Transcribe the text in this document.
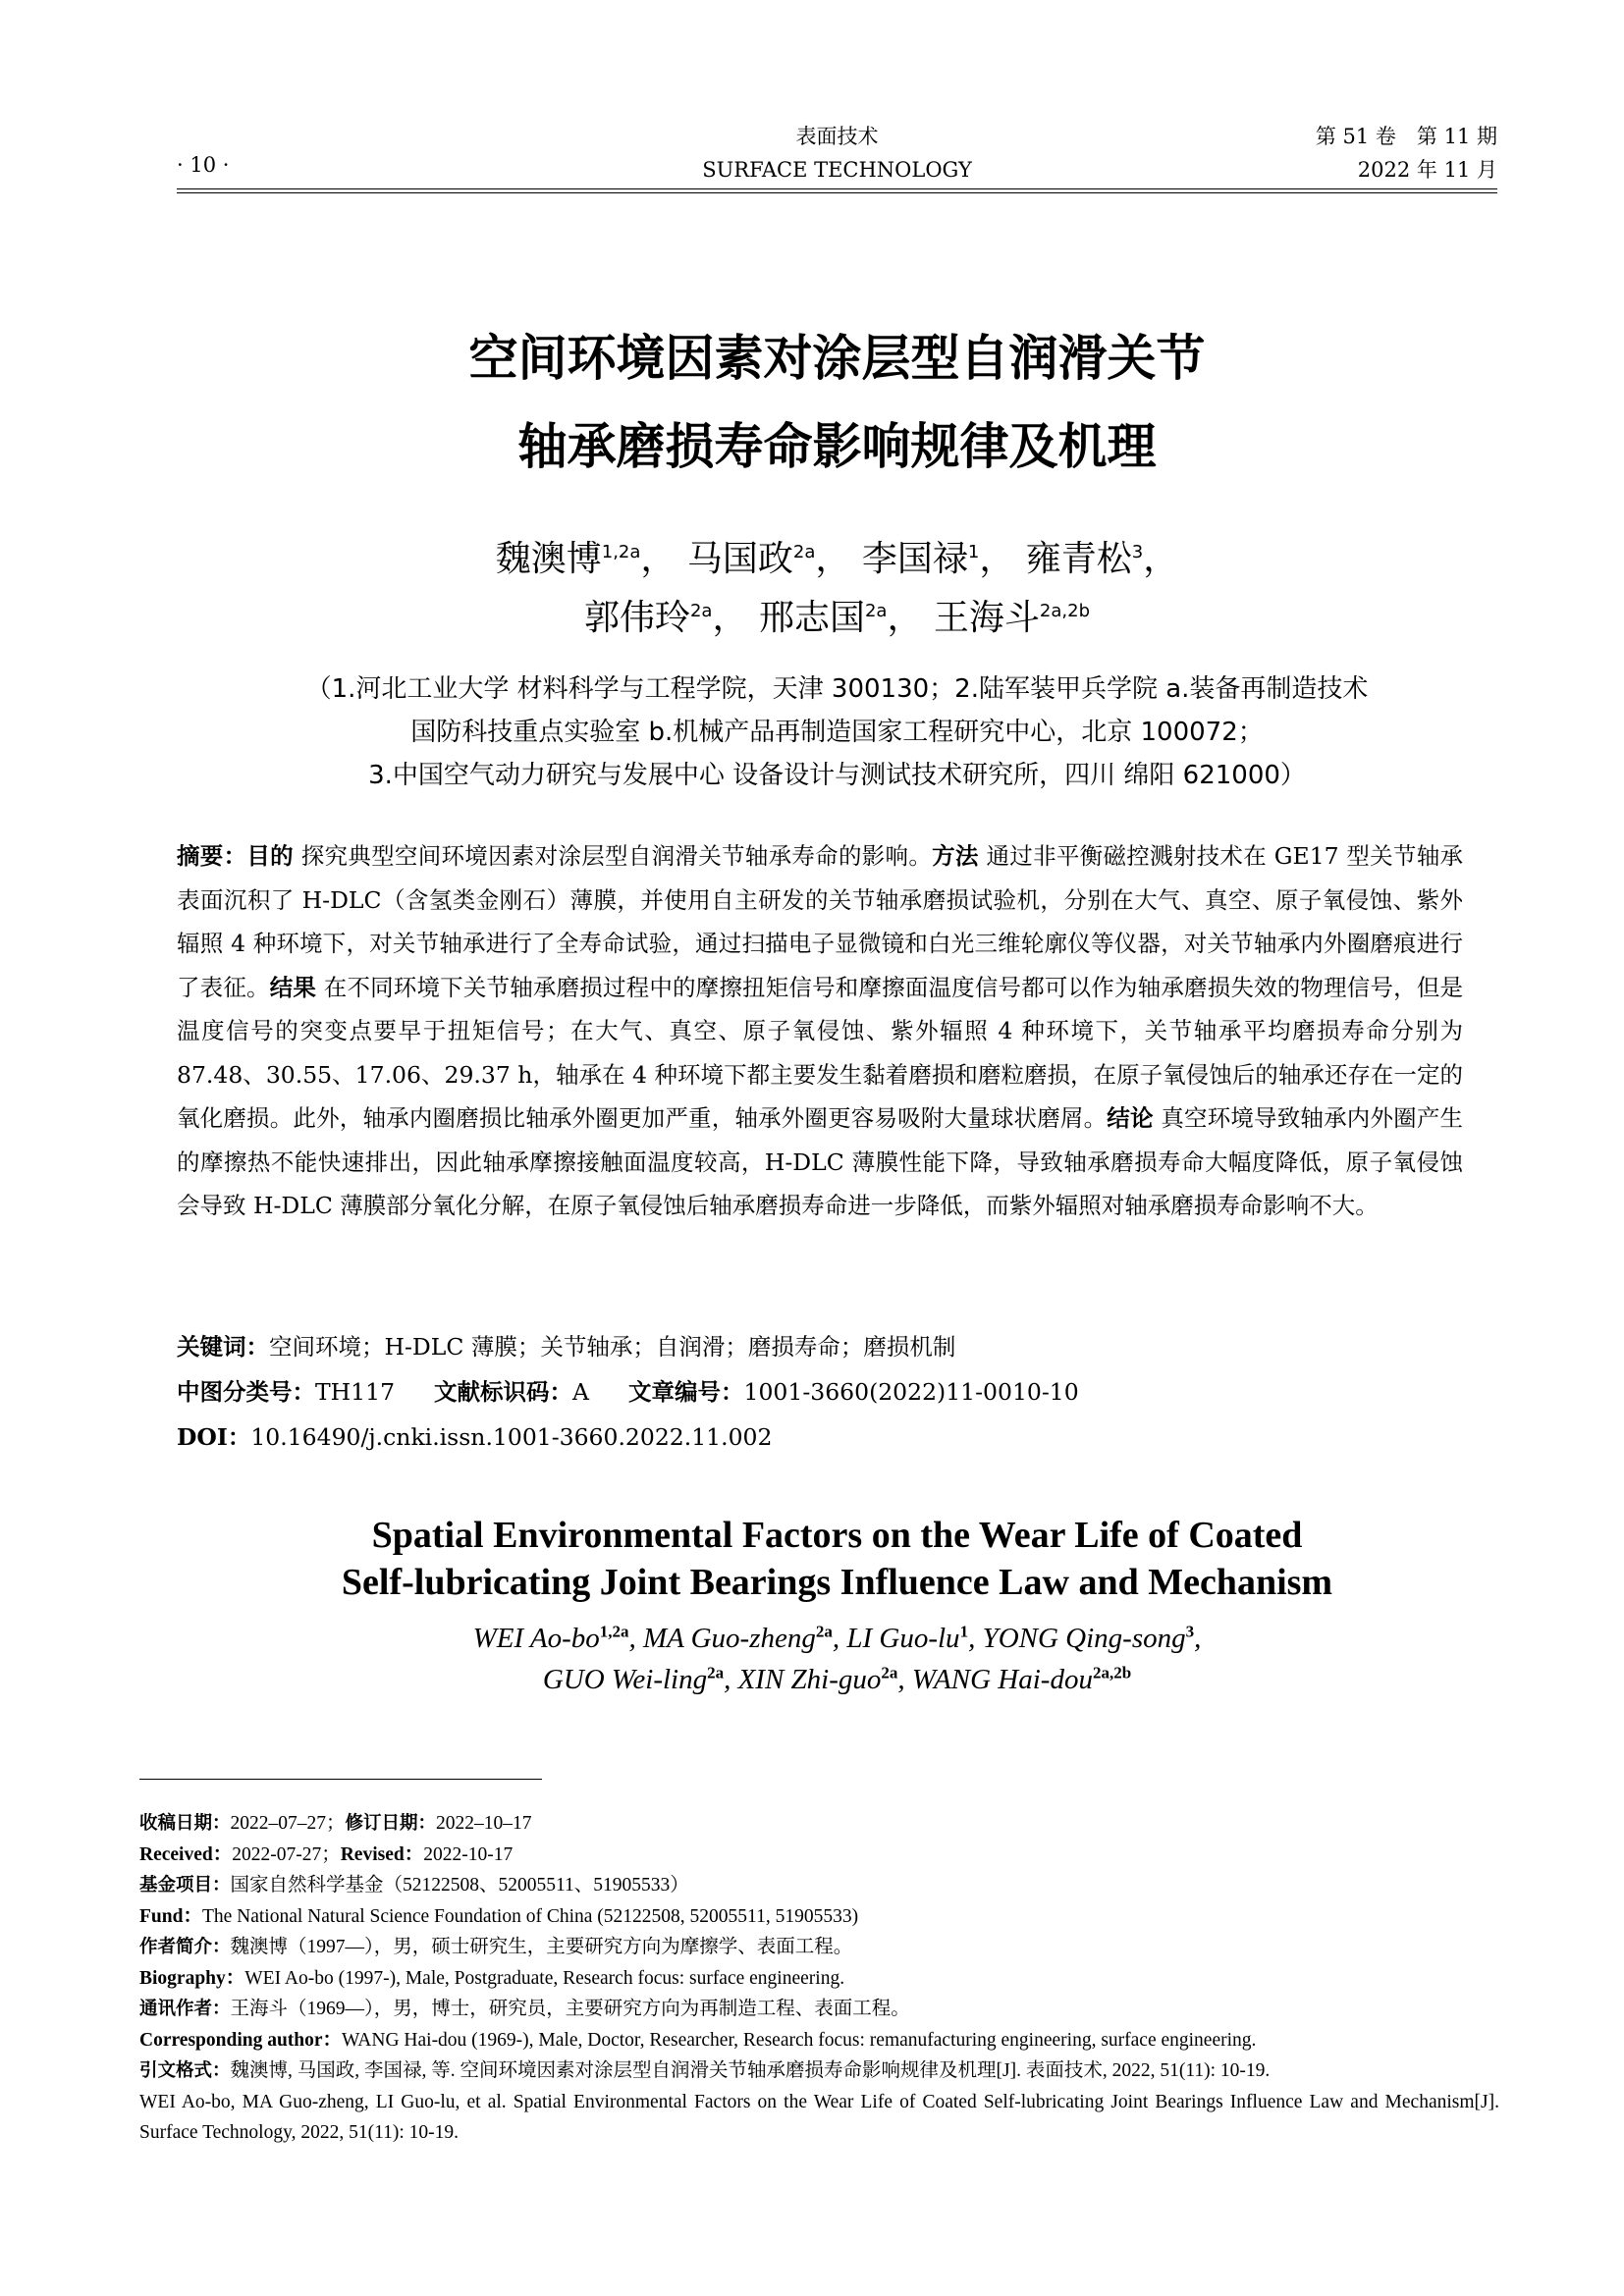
· 10 ·
表面技术
SURFACE TECHNOLOGY
第 51 卷　第 11 期
2022 年 11 月
空间环境因素对涂层型自润滑关节
轴承磨损寿命影响规律及机理
魏澳博$^{1,2a}$， 马国政$^{2a}$， 李国禄$^1$， 雍青松$^3$，
郭伟玲$^{2a}$， 邢志国$^{2a}$， 王海斗$^{2a,2b}$
（1.河北工业大学 材料科学与工程学院，天津 300130；2.陆军装甲兵学院 a.装备再制造技术
国防科技重点实验室 b.机械产品再制造国家工程研究中心，北京 100072；
3.中国空气动力研究与发展中心 设备设计与测试技术研究所，四川 绵阳 621000）
摘要：目的 探究典型空间环境因素对涂层型自润滑关节轴承寿命的影响。方法 通过非平衡磁控溅射技术在 GE17 型关节轴承表面沉积了 H-DLC（含氢类金刚石）薄膜，并使用自主研发的关节轴承磨损试验机，分别在大气、真空、原子氧侵蚀、紫外辐照 4 种环境下，对关节轴承进行了全寿命试验，通过扫描电子显微镜和白光三维轮廓仪等仪器，对关节轴承内外圈磨痕进行了表征。结果 在不同环境下关节轴承磨损过程中的摩擦扭矩信号和摩擦面温度信号都可以作为轴承磨损失效的物理信号，但是温度信号的突变点要早于扭矩信号；在大气、真空、原子氧侵蚀、紫外辐照 4 种环境下，关节轴承平均磨损寿命分别为 87.48、30.55、17.06、29.37 h，轴承在 4 种环境下都主要发生黏着磨损和磨粒磨损，在原子氧侵蚀后的轴承还存在一定的氧化磨损。此外，轴承内圈磨损比轴承外圈更加严重，轴承外圈更容易吸附大量球状磨屑。结论 真空环境导致轴承内外圈产生的摩擦热不能快速排出，因此轴承摩擦接触面温度较高，H-DLC 薄膜性能下降，导致轴承磨损寿命大幅度降低，原子氧侵蚀会导致 H-DLC 薄膜部分氧化分解，在原子氧侵蚀后轴承磨损寿命进一步降低，而紫外辐照对轴承磨损寿命影响不大。
关键词：空间环境；H-DLC 薄膜；关节轴承；自润滑；磨损寿命；磨损机制
中图分类号：TH117 文献标识码：A 文章编号：1001-3660(2022)11-0010-10
DOI：10.16490/j.cnki.issn.1001-3660.2022.11.002
Spatial Environmental Factors on the Wear Life of Coated
Self-lubricating Joint Bearings Influence Law and Mechanism
WEI $Ao-bo^{1,2a}$, MA Guo-zheng$^{2a}$, LI Guo-$lu^1$, YONG Qing-song$^3$,
GUO Wei-ling$^{2a}$, XIN Zhi-guo$^{2a}$, WANG Hai-dou$^{2a,2b}$

收稿日期：2022–07–27；修订日期：2022–10–17

Received：2022-07-27；Revised：2022-10-17

基金项目：国家自然科学基金（52122508、52005511、51905533）

Fund：The National Natural Science Foundation of China (52122508, 52005511, 51905533)

作者简介：魏澳博（1997—），男，硕士研究生，主要研究方向为摩擦学、表面工程。

Biography：WEI Ao-bo (1997-), Male, Postgraduate, Research focus: surface engineering.

通讯作者：王海斗（1969—），男，博士，研究员，主要研究方向为再制造工程、表面工程。

Corresponding author：WANG Hai-dou (1969-), Male, Doctor, Researcher, Research focus: remanufacturing engineering, surface engineering.

引文格式：魏澳博, 马国政, 李国禄, 等. 空间环境因素对涂层型自润滑关节轴承磨损寿命影响规律及机理[J]. 表面技术, 2022, 51(11): 10-19.

WEI Ao-bo, MA Guo-zheng, LI Guo-lu, et al. Spatial Environmental Factors on the Wear Life of Coated Self-lubricating Joint Bearings Influence Law and Mechanism[J]. Surface Technology, 2022, 51(11): 10-19.
